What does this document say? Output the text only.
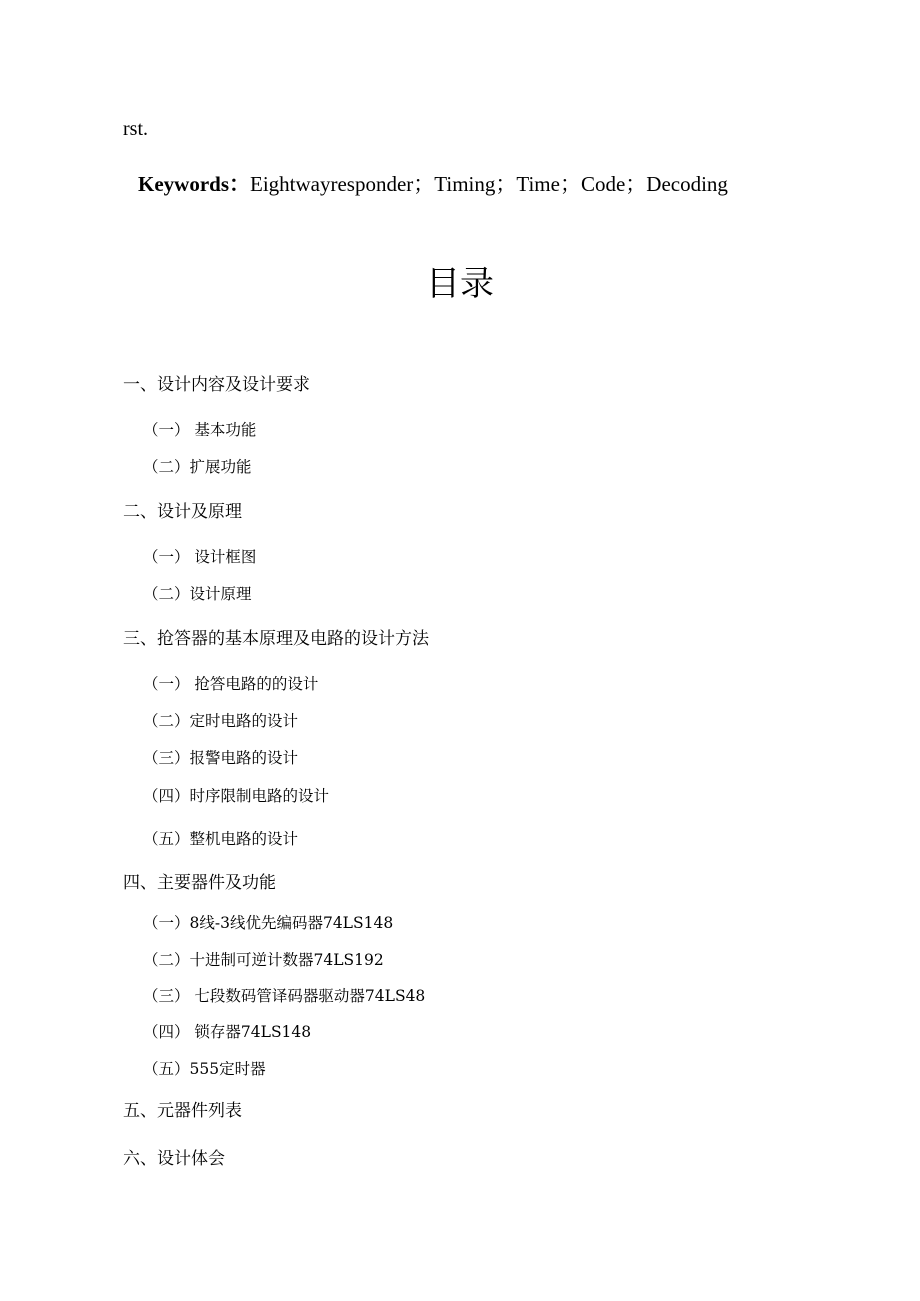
rst.
Keywords：Eightwayresponder；Timing；Time；Code；Decoding
目录
一、设计内容及设计要求
（一） 基本功能
（二）扩展功能
二、设计及原理
（一） 设计框图
（二）设计原理
三、抢答器的基本原理及电路的设计方法
（一） 抢答电路的的设计
（二）定时电路的设计
（三）报警电路的设计
（四）时序限制电路的设计
（五）整机电路的设计
四、主要器件及功能
（一）8线-3线优先编码器74LS148
（二）十进制可逆计数器74LS192
（三） 七段数码管译码器驱动器74LS48
（四） 锁存器74LS148
（五）555定时器
五、元器件列表
六、设计体会
